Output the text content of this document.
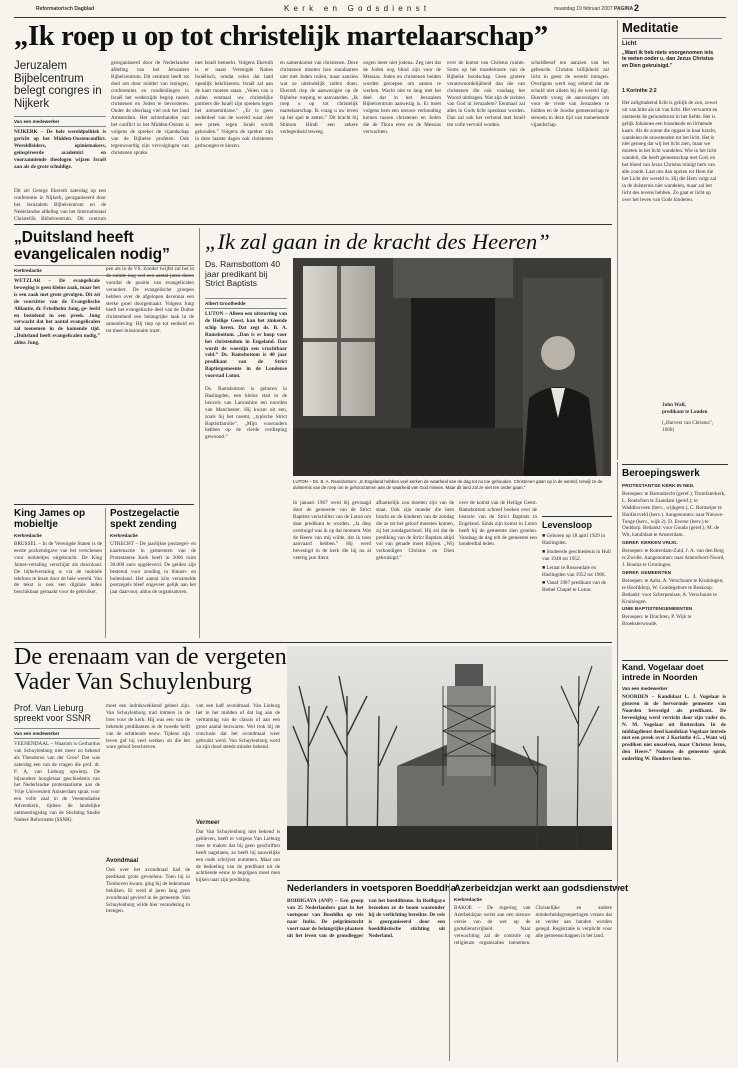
Reformatorisch Dagblad	K e r k   e n   G o d s d i e n s t	maandag 19 februari 2007 PAGINA 2
„Ik roep u op tot christelijk martelaarschap”
Jeruzalem Bijbelcentrum belegt congres in Nijkerk
Van een medewerker
NIJKERK – De hele wereldpolitiek is gericht op het Midden-Oostenconflict. Wereldleiders, opiniemakers, geïnspireerde academici en voorzanniende theologen wijzen Israël aan als de grote schuldige.
Dit zei George Ekeroth zaterdag op een conferentie in Nijkerk, georganiseerd door het Jeruzalem Bijbelcentrum en de Nederlandse afdeling van het Internationaal Christelijk Bijbelcentrum. Dit centrum
georganiseerd door de Nederlandse afdeling van het Jeruzalem Bijbelcentrum. Dit centrum heeft tot doel om door middel van lezingen, conferenties en rondleidingen in Israël het wederzijds begrip tussen christenen en Joden te bevorderen. Onder de sfeerlaag viel ook het land Amsterdam. Het achterhanden van het conflict in het Midden-Oosten is volgens de spreker de vijandschap van de Bijbelse profeten. Ook tegenwoordig zijn vervolgingen van christenen sprake.
met Israël bemerkt. Volgens Ekeroth is er naast Verenigde Naties Israëlisch, omdat velen dat land openlijk bekritiseren. Israël zal aan de kant moeten staan. „Velen van u zullen eenmaal uw christelijke partners die Israël zijn spreken tegen het antisemitisme.” „Er is geen onderdeel van de wereld waar niet een preek tegen Israël wordt gehouden.” Volgens de spreker zijn in deze laatste dagen ook christenen gedwongen te kiezen.
en samenkomst van christenen. Deze christenen moeten hun standaarten niet met Joden ruilen, maar aanzien wat ze uiteindelijk zullen doen. Ekeroth riep de aanwezigen op de Bijbelse roeping te aanvaarden. „Ik roep u op tot christelijk martelaarschap. Ik vraag u uw leven op het spel te zetten.” Dit bracht bij Shimon Hindi een zekere verlegenheid teweeg.
oogen meer niet jodena. Zeg niet dat de Joden nog blind zijn voor de Messias. Joden en christenen beiden worden geroepen om samen te werken. Wacht niet te lang met het deel dat in het Jeruzalem Bijbelcentrum aanwezig is. Er moet volgens hem een nieuwe verhouding komen tussen christenen en Joden die de Thora eren en de Messias verwachten.
over de komst van Christus ruimte. Soms op het moedelooste van de Bijbelse boodschap. Geen grotere verantwoordelijkheid dan die van christenen die ook vandaag het Woord uitdragen. Wat zijn de rechten van God in Jeruzalem? Eenmaal zal alles in Gods licht openbaar worden. Dan zal ook het verbond met Israël ten volle vervuld worden.
schuldbesef ten aanzien van het gebeurde. Christus billijkheid zal licht in geest de wereld brengen. Overigens werd nog erkend dat de schuld niet alleen bij de wereld ligt. Ekeroth vroeg de aanwezigen om voor de vrede van Jeruzalem te bidden en de Joodse gemeenschap te steunen in deze tijd van toenemende vijandschap.
Meditatie
Licht
„Want ik heb niets voorgenomen iets te weten onder u, dan Jezus Christus en Dien gekruisigd.”
1 Korinthe 2:2
Het zaligmakend licht is geliijk de zon, zowel uit van hitte als uit van licht. Het verwarmt en ontsteekt de gemoedsrust in het liefde. Het is gelijk Johannes een brandende en lichtende kaars. Als de zonne die opgaat in haar kracht, wandelen de onwetenden tot het licht. Het is niet genoeg dat wij het licht zien, maar we moeten in het licht wandelen. Wie in het licht wandelt, die heeft gemeenschap met God, en het bloed van Jezus Christus reinigt hem van alle zonde. Laat ons dan opzien tot Hem die het Licht der wereld is. Hij die Hem volgt zal in de duisternis niet wandelen, maar zal het licht des levens hebben. Zo gaat er licht op over het leven van Gods kinderen.
John Wall,
predikant te Londen
(„Harvest van Christus”, 1666)
„Duitsland heeft evangelicalen nodig”
Kerkredactie
WETZLAR – De evangelicale beweging is geen kleine zaak, maar het is een zaak met grote gevolgen. Dit zei de voorzitter van de Evangelische Alliantie, dr. Friedhelm Jung, ge- leefd en bezielend in een preek. Jung verwacht dat het aantal evangelicalen zal toenemen in de komende tijd. „Duitsland heeft evangelicalen nodig,” aldus Jung.
pen als in de VS. Zonder twijfel zal het in de ruimte nog wel een aantal jaren duren voordat de positie van evangelicalen verandert. De evangelische groepen hebben over de afgelopen decennia een sterke groei doorgemaakt. Volgens Jung heeft het evangelische deel van de Duitse christenheid een belangrijke taak in de samenleving. Hij riep op tot eenheid en tot meer missionaire inzet.
King James op mobieltje
Kerkredactie
BRUSSEL – In de Verenigde Staten is de eerste pocketuitgave van het verschenen voor mobieltjes uitgebracht. De King James-vertaling verschijnt als download. De bijbelvertaling is via de mobiele telefoon te lezen door de hele wereld. Van de tekst is ook een digitale index beschikbaar gemaakt voor de gebruiker.
Postzegelactie spekt zending
Kerkredactie
UTRECHT – De jaarlijkse postzegel- en kaartenactie in gemeenten van de Protestantse Kerk heeft in 2006 ruim 30.000 euro opgeleverd. De gelden zijn bestemd voor zending in binnen- en buitenland. Het aantal kilo verzamelde postzegels bleef ongeveer gelijk aan het jaar daarvoor, aldus de organisatoren.
„Ik zal gaan in de kracht des Heeren”
Ds. Ramsbottom 40 jaar predikant bij Strict Baptists
Albert Groothedde
LUTON – Alleen een uitstorting van de Heilige Geest, kan het zinkende schip keren. Dat zegt ds. B. A. Ramsbottom. „Dan is er hoop voor het christendom in Engeland. Dan wordt de woestijn een vruchtbaar veld.” Ds. Ramsbottom is 40 jaar predikant van de Strict Baptistgemeente in de Londense voorstad Luton.
Ds. Ramsbottom is geboren in Haslingden, een kleine stad in de heuvels van Lancashire ten noorden van Manchester. Hij kwam uit een, zoals hij het noemt, „typische Strict Baptistfamilie”. „Mijn voorouders hebben op de vierde verdieping gewoond.”
LUTON – Ds. B. A. Ramsbottom: „In Engeland hebben veel kerken de waarheid van de dag tot nu toe gehouden. Christenen gaan op in de wereld, terwijl ze de duisternis van de roep om te gehoorzamen aan de waarheid van God missen. Maar dit land zal ze niet ten onder gaan.”
In januari 1967 werd hij gevraagd door de gemeente van de Strict Baptists verschillen van de Luton om daar predikant te worden. „Ja diep overtuigd was ik op dat moment. Wat de Heere van mij wilde, dat ik toen aanvaard hebben.” Hij werd bevestigd in de kerk die hij nu al veertig jaar dient.
afhankelijk zou moeten zijn van de staat. Ook zijn moeder die hem bracht en de kinderen van de zondag die ze tot het geloof moesten komen, zij het zondagsschool. Hij zei dat de prediking van de Strict Baptists altijd vol van genade moet blijven. „Wij verkondigen Christus en Dien gekruisigd.”
over de komst van de Heilige Geest. Ramsbottom schreef boeken over de historie van de Strict Baptists in Engeland. Sinds zijn komst in Luton heeft hij de gemeente zien groeien. Vandaag de dag telt de gemeente een honderdtal leden.
Levensloop
■ Geboren op 18 april 1929 in Haslingden.
■ Studeerde geschiedenis in Hull van 1948 tot 1952.
■ Leraar te Rossendale en Haslingden van 1952 tot 1966.
■ Vanaf 1967 predikant van de Bethel Chapel te Luton.
De erenaam van de vergeten Vader Van Schuylenburg
Prof. Van Lieburg spreekt voor SSNR
Van een medewerker
VEENENDAAL – Waarom is Gerhardus van Schuylenburg niet meer zo bekend als Theodorus van der Groe? Dat was zaterdag een van de vragen die prof. dr. F. A. van Lieburg opwierp. De bijzondere hoogleraar geschiedenis van het Nederlandse protestantisme aan de Vrije Universiteit Amsterdam sprak voor een volle zaal in de Veenendaalse Adventkerk, tijdens de landelijke ontmoetingsdag van de Stichting Studie Nadere Reformatie (SSNR).
moet een indrukwekkend geheel zijn. Van Schuylenburg trad immers in de bres voor de kerk. Hij was een van de bekende predikanten in de tweede helft van de achttiende eeuw. Tijdens zijn leven gaf hij veel werken uit die het ware geloof beschreven.
Avondmaal
Ook over het avondmaal had de predikant grote gevoelens. Toen hij in Tienhoven kwam, ging hij de ledenmaat bekijken. Er werd al jaren lang geen avondmaal gevierd in de gemeente. Van Schuylenburg wilde hier verandering in brengen.
van een half avondmaal. Van Lieburg liet in het midden of dat lag aan de vertraming van de classis of aan een groot aantal bezwaren. Wel trok hij de conclusie dat het avondmaal weer gebruikt werd. Van Schuylenburg werd na zijn dood steeds minder bekend.
Vermeer
Dat Van Schuylenburg niet bekend is gebleven, heeft er volgens Van Lieburg mee te maken dat hij geen geschriften heeft nagelaten, zo heeft hij nauwelijks een oude schrijver nummers. Maar om de bedoeling van de predikant uit de achttiende eeuw te begrijpen moet men kijken naar zijn prediking.
Nederlanders in voetsporen Boeddha
BODHGAYA (ANP) – Een groep van 25 Nederlanders gaat in het voetspoor van Boeddha op reis naar India. De pelgrimstocht voert naar de belangrijke plaatsen uit het leven van de grondlegger van het boeddhisme. In Bodhgaya bezoeken ze de boom waaronder hij de verlichting bereikte. De reis is georganiseerd door een boeddhistische stichting uit Nederland.
Azerbeidzjan werkt aan godsdienstwet
Kerkredactie
BAKOE – De regering van Azerbeidzjan werkt aan een nieuwe versie van de wet op de godsdienstvrijheid. Naar verwachting zal de controle op religieuze organisaties toenemen. Christelijke en andere minderheidsgroeperingen vrezen dat ze verder aan banden worden gelegd. Registratie is verplicht voor alle gemeenschappen in het land.
Beroepingswerk
PROTESTANTSE KERK IN NED.
Beroepen: te Barendrecht (geref.), Tromfaterkerk, L. Roelofsen te Zaandam (geref.); te Waddinxveen (herv., wijkgem.), C. Rotmeijer te Hardinxveld (herv.). Aangenomen: naar Nieuwe-Tonge (herv., wijk 2), D. Everse (herv.) te Ouddorp. Bedankt: voor Gouda (geref.), M. de Wit, kandidaat te Amsterdam.
GEREF. KERKEN VRIJG.
Beroepen: te Rotterdam-Zuid, J. A. van den Berg te Zwolle. Aangenomen: naar Amersfoort-Noord, J. Bouma te Groningen.
GEREF. GEMEENTEN
Beroepen: te Aalst, A. Verschuure te Kruiningen; te Hoofddorp, W. Goedegebure te Boskoop. Bedankt: voor Scherpenisse, A. Verschuure te Kruiningen.
UNIE BAPTISTENGEMEENTEN
Beroepen: te Drachten, P. Wijk te Broeksterwoude.
Kand. Vogelaar doet intrede in Noorden
Van een medewerker
NOORDEN – Kandidaat L. J. Vogelaar is gisteren in de hervormde gemeente van Noorden bevestigd als predikant. De bevestiging werd verricht door zijn vader ds. N. M. Vogelaar uit Rotterdam. In de middagdienst deed kandidaat Vogelaar intrede met een preek over 2 Korinthe 4:5. „Want wij prediken niet onszelven, maar Christus Jezus, den Heere.” Namens de gemeente sprak ouderling W. Honders hem toe.
